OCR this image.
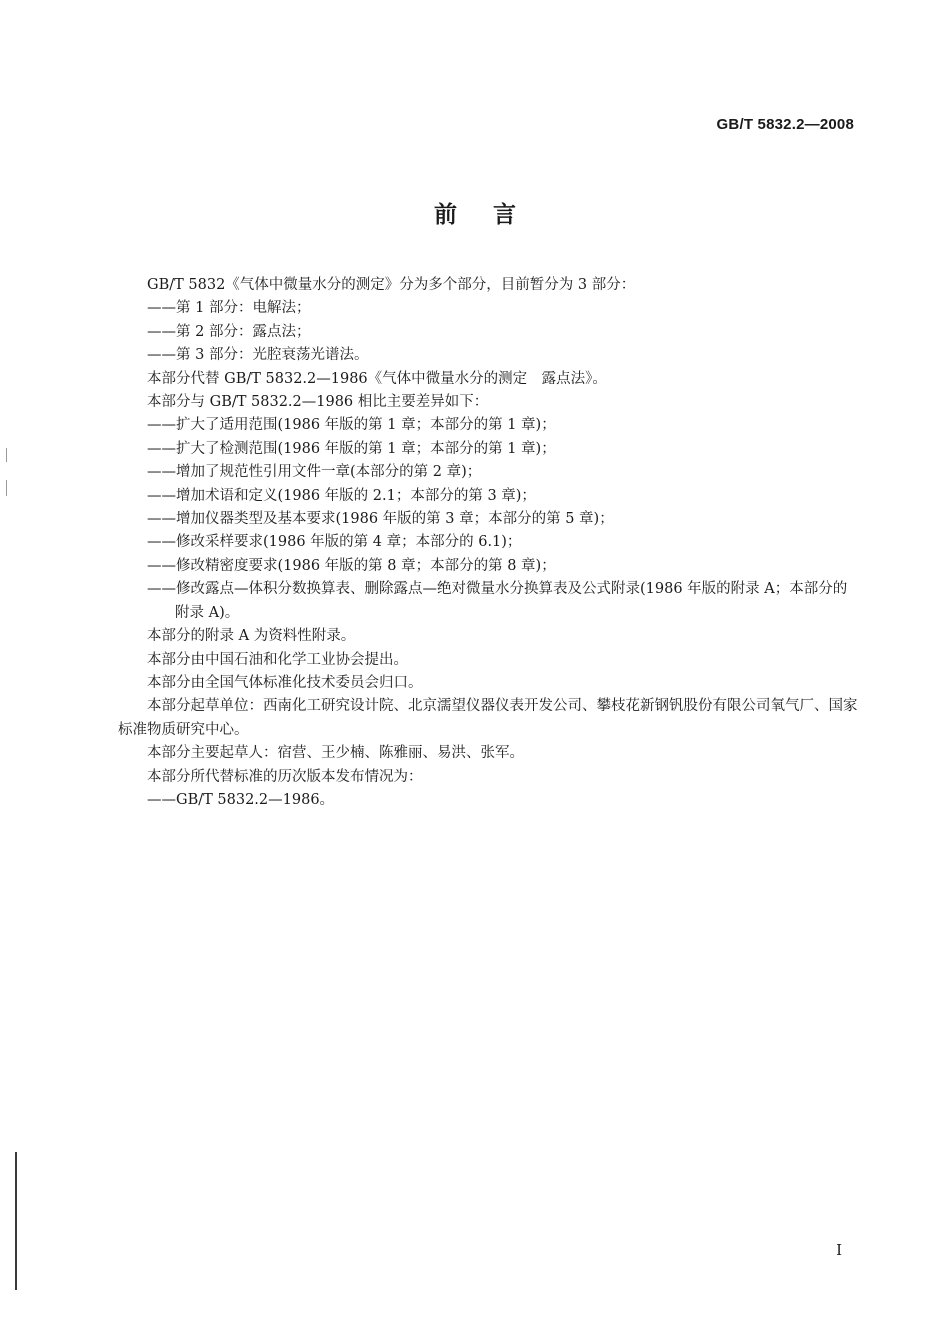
GB/T 5832.2—2008
前言

GB/T 5832《气体中微量水分的测定》分为多个部分，目前暂分为 3 部分：

——第 1 部分：电解法；

——第 2 部分：露点法；

——第 3 部分：光腔衰荡光谱法。

本部分代替 GB/T 5832.2—1986《气体中微量水分的测定　露点法》。

本部分与 GB/T 5832.2—1986 相比主要差异如下：

——扩大了适用范围(1986 年版的第 1 章；本部分的第 1 章)；

——扩大了检测范围(1986 年版的第 1 章；本部分的第 1 章)；

——增加了规范性引用文件一章(本部分的第 2 章)；

——增加术语和定义(1986 年版的 2.1；本部分的第 3 章)；

——增加仪器类型及基本要求(1986 年版的第 3 章；本部分的第 5 章)；

——修改采样要求(1986 年版的第 4 章；本部分的 6.1)；

——修改精密度要求(1986 年版的第 8 章；本部分的第 8 章)；

——修改露点—体积分数换算表、删除露点—绝对微量水分换算表及公式附录(1986 年版的附录 A；本部分的附录 A)。

本部分的附录 A 为资料性附录。

本部分由中国石油和化学工业协会提出。

本部分由全国气体标准化技术委员会归口。

本部分起草单位：西南化工研究设计院、北京濡望仪器仪表开发公司、攀枝花新钢钒股份有限公司氧气厂、国家标准物质研究中心。

本部分主要起草人：宿营、王少楠、陈雅丽、易洪、张军。

本部分所代替标准的历次版本发布情况为：

——GB/T 5832.2—1986。

I
